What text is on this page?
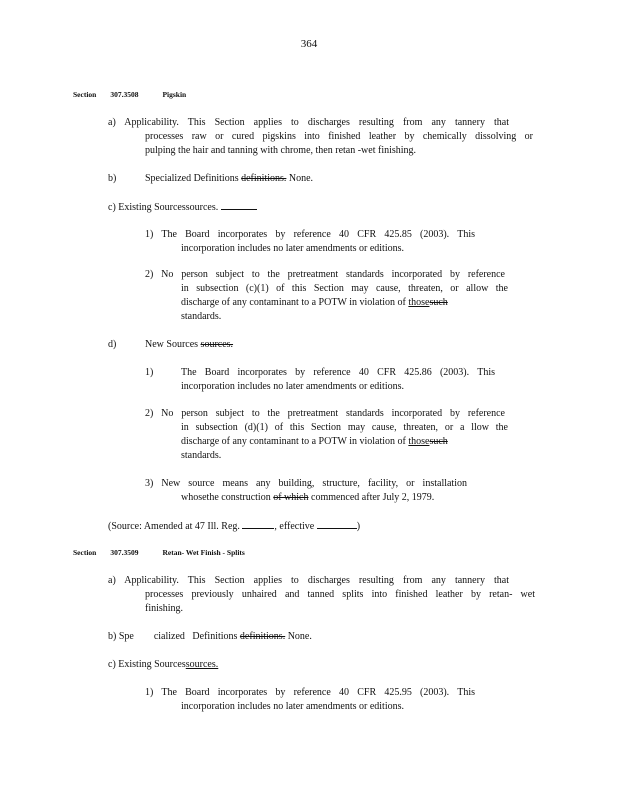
364
Section 307.3508	Pigskin
a) Applicability. This Section applies to discharges resulting from any tannery that
processes raw or cured pigskins into finished leather by chemically dissolving or
pulping the hair and tanning with chrome, then retan -wet finishing.
b)	Specialized Definitions definitions. None.
c) Existing Sourcessources.
1) The Board incorporates by reference 40 CFR 425.85 (2003). This
incorporation includes no later amendments or editions.
2) No person subject to the pretreatment standards incorporated by reference
in subsection (c)(1) of this Section may cause, threaten, or allow the
discharge of any contaminant to a POTW in violation of thosesuch
standards.
d)	New Sources sources.
1)	The Board incorporates by reference 40 CFR 425.86 (2003). This
incorporation includes no later amendments or editions.
2) No person subject to the pretreatment standards incorporated by reference
in subsection (d)(1) of this Section may cause, threaten, or a llow the
discharge of any contaminant to a POTW in violation of thosesuch
standards.
3) New source means any building, structure, facility, or installation
whosethe construction of which commenced after July 2, 1979.
(Source: Amended at 47 Ill. Reg.	, effective	)
Section 307.3509	Retan- Wet Finish - Splits
a) Applicability. This Section applies to discharges resulting from any tannery that
processes previously unhaired and tanned splits into finished leather by retan- wet
finishing.
b) Spe        cialized   Definitions definitions. None.
c) Existing Sourcessources.
1) The Board incorporates by reference 40 CFR 425.95 (2003). This
incorporation includes no later amendments or editions.
